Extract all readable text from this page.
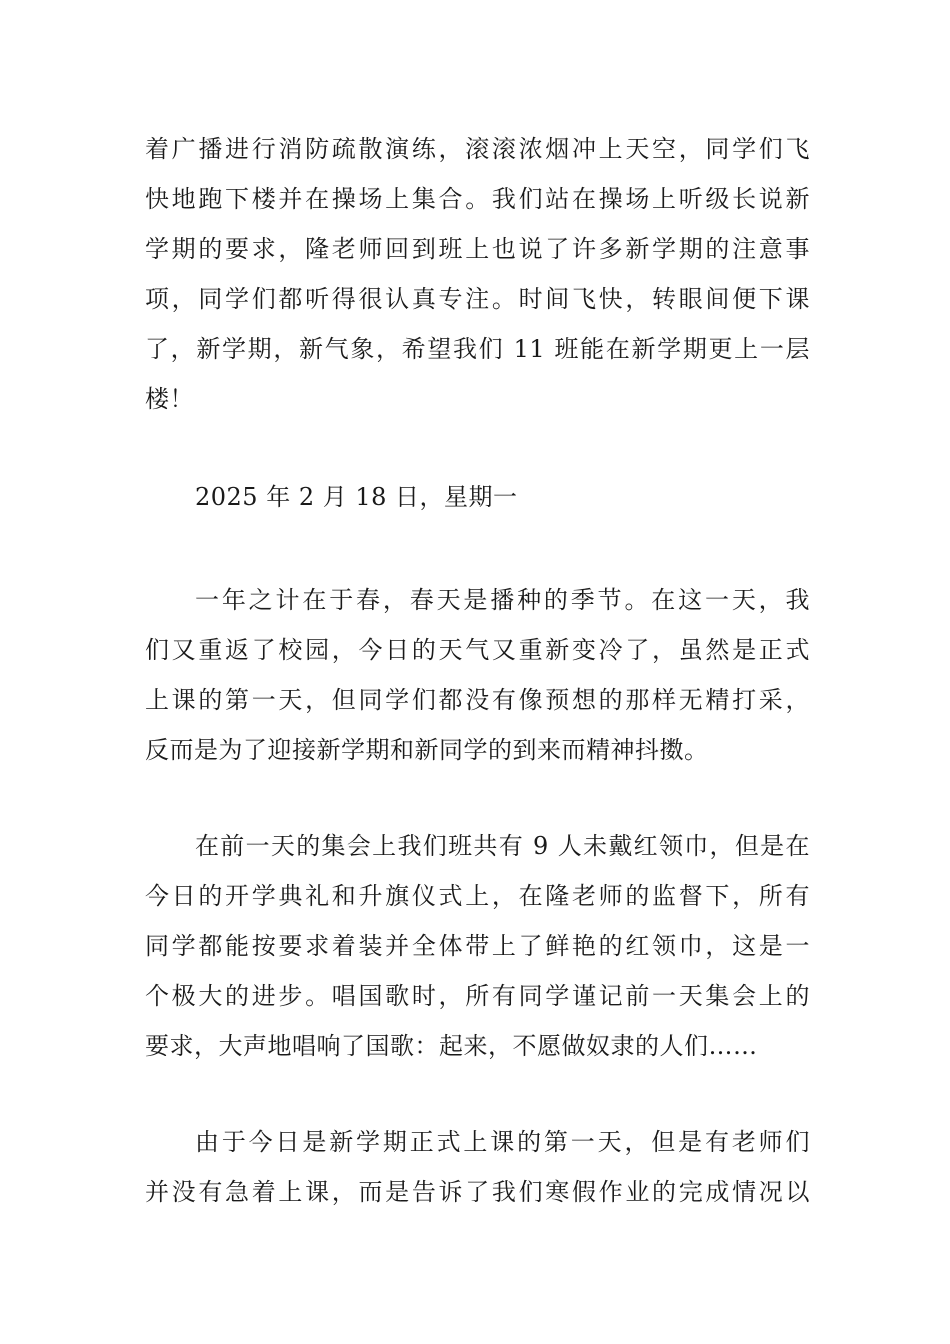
着广播进行消防疏散演练，滚滚浓烟冲上天空，同学们飞
快地跑下楼并在操场上集合。我们站在操场上听级长说新
学期的要求，隆老师回到班上也说了许多新学期的注意事
项，同学们都听得很认真专注。时间飞快，转眼间便下课
了，新学期，新气象，希望我们 11 班能在新学期更上一层
楼！
2025 年 2 月 18 日，星期一
一年之计在于春，春天是播种的季节。在这一天，我
们又重返了校园，今日的天气又重新变冷了，虽然是正式
上课的第一天，但同学们都没有像预想的那样无精打采，
反而是为了迎接新学期和新同学的到来而精神抖擞。
在前一天的集会上我们班共有 9 人未戴红领巾，但是在
今日的开学典礼和升旗仪式上，在隆老师的监督下，所有
同学都能按要求着装并全体带上了鲜艳的红领巾，这是一
个极大的进步。唱国歌时，所有同学谨记前一天集会上的
要求，大声地唱响了国歌：起来，不愿做奴隶的人们……
由于今日是新学期正式上课的第一天，但是有老师们
并没有急着上课，而是告诉了我们寒假作业的完成情况以
